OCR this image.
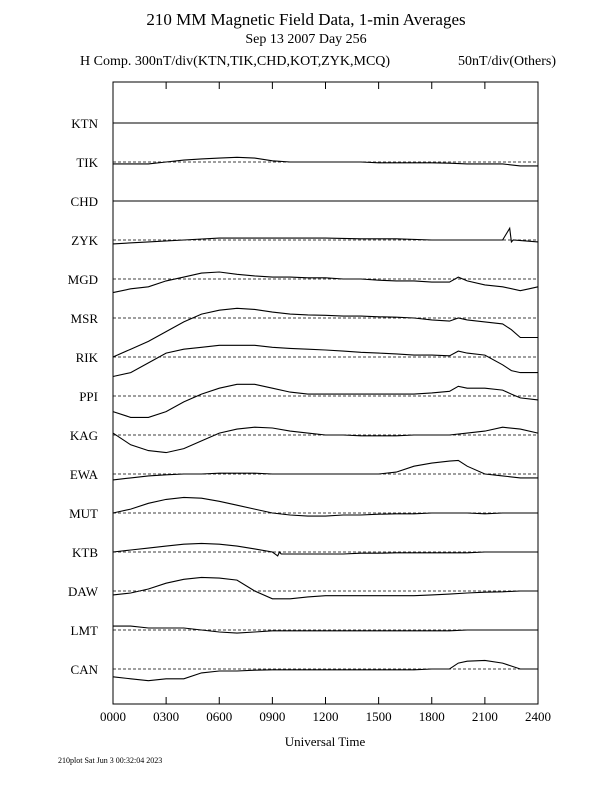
210 MM Magnetic Field Data, 1-min Averages
Sep 13 2007 Day 256
H Comp. 300nT/div(KTN,TIK,CHD,KOT,ZYK,MCQ)	50nT/div(Others)
KTN
TIK
CHD
ZYK
MGD
MSR
RIK
PPI
KAG
EWA
MUT
KTB
DAW
LMT
CAN
0000 0300 0600 0900 1200 1500 1800 2100 2400
Universal Time
210plot Sat Jun 3 00:32:04 2023
